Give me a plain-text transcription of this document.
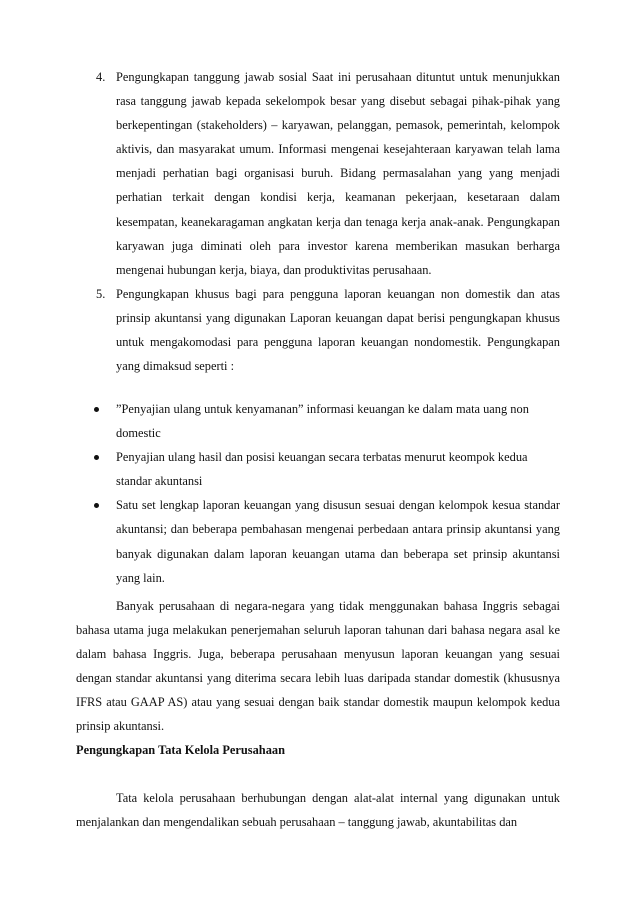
4. Pengungkapan tanggung jawab sosial Saat ini perusahaan dituntut untuk menunjukkan rasa tanggung jawab kepada sekelompok besar yang disebut sebagai pihak-pihak yang berkepentingan (stakeholders) – karyawan, pelanggan, pemasok, pemerintah, kelompok aktivis, dan masyarakat umum. Informasi mengenai kesejahteraan karyawan telah lama menjadi perhatian bagi organisasi buruh. Bidang permasalahan yang yang menjadi perhatian terkait dengan kondisi kerja, keamanan pekerjaan, kesetaraan dalam kesempatan, keanekaragaman angkatan kerja dan tenaga kerja anak-anak. Pengungkapan karyawan juga diminati oleh para investor karena memberikan masukan berharga mengenai hubungan kerja, biaya, dan produktivitas perusahaan.
5. Pengungkapan khusus bagi para pengguna laporan keuangan non domestik dan atas prinsip akuntansi yang digunakan Laporan keuangan dapat berisi pengungkapan khusus untuk mengakomodasi para pengguna laporan keuangan nondomestik. Pengungkapan yang dimaksud seperti :
”Penyajian ulang untuk kenyamanan” informasi keuangan ke dalam mata uang non domestic
Penyajian ulang hasil dan posisi keuangan secara terbatas menurut keompok kedua standar akuntansi
Satu set lengkap laporan keuangan yang disusun sesuai dengan kelompok kesua standar akuntansi; dan beberapa pembahasan mengenai perbedaan antara prinsip akuntansi yang banyak digunakan dalam laporan keuangan utama dan beberapa set prinsip akuntansi yang lain.
Banyak perusahaan di negara-negara yang tidak menggunakan bahasa Inggris sebagai bahasa utama juga melakukan penerjemahan seluruh laporan tahunan dari bahasa negara asal ke dalam bahasa Inggris. Juga, beberapa perusahaan menyusun laporan keuangan yang sesuai dengan standar akuntansi yang diterima secara lebih luas daripada standar domestik (khususnya IFRS atau GAAP AS) atau yang sesuai dengan baik standar domestik maupun kelompok kedua prinsip akuntansi.
Pengungkapan Tata Kelola Perusahaan
Tata kelola perusahaan berhubungan dengan alat-alat internal yang digunakan untuk menjalankan dan mengendalikan sebuah perusahaan – tanggung jawab, akuntabilitas dan
